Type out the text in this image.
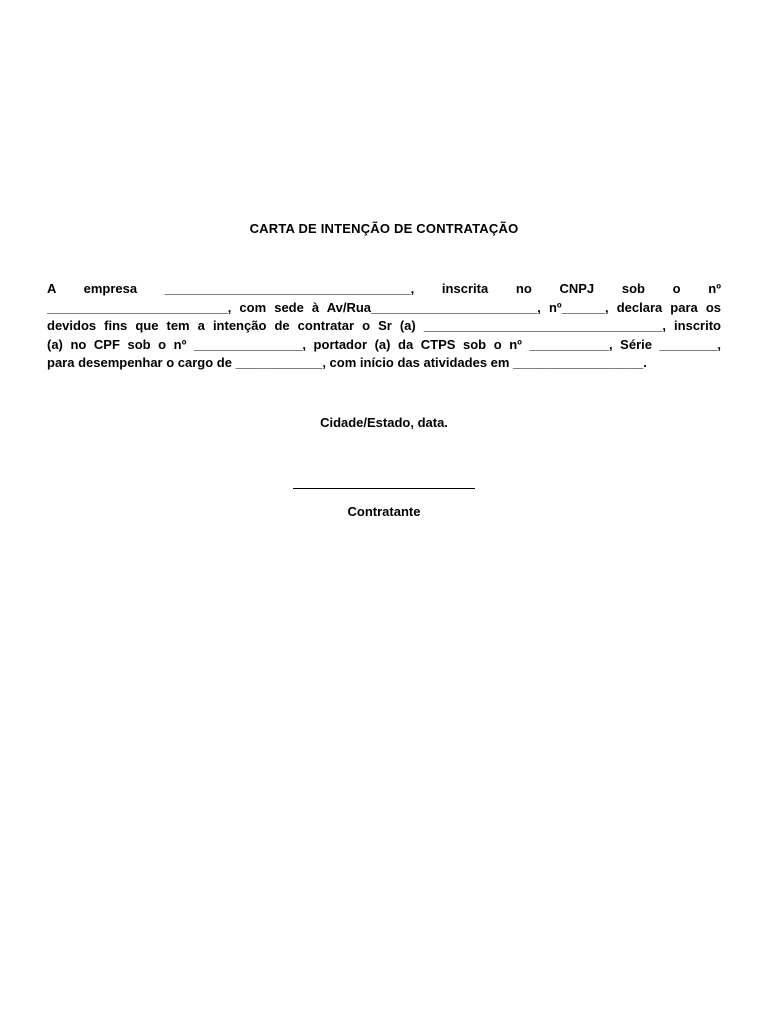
CARTA DE INTENÇÃO DE CONTRATAÇÃO
A empresa __________________________________, inscrita no CNPJ sob o nº
_________________________, com sede à Av/Rua_______________________, nº______, declara para os
devidos fins que tem a intenção de contratar o Sr (a) _________________________________, inscrito
(a) no CPF sob o nº _______________, portador (a) da CTPS sob o nº ___________, Série ________,
para desempenhar o cargo de ____________, com início das atividades em __________________.
Cidade/Estado, data.
Contratante
